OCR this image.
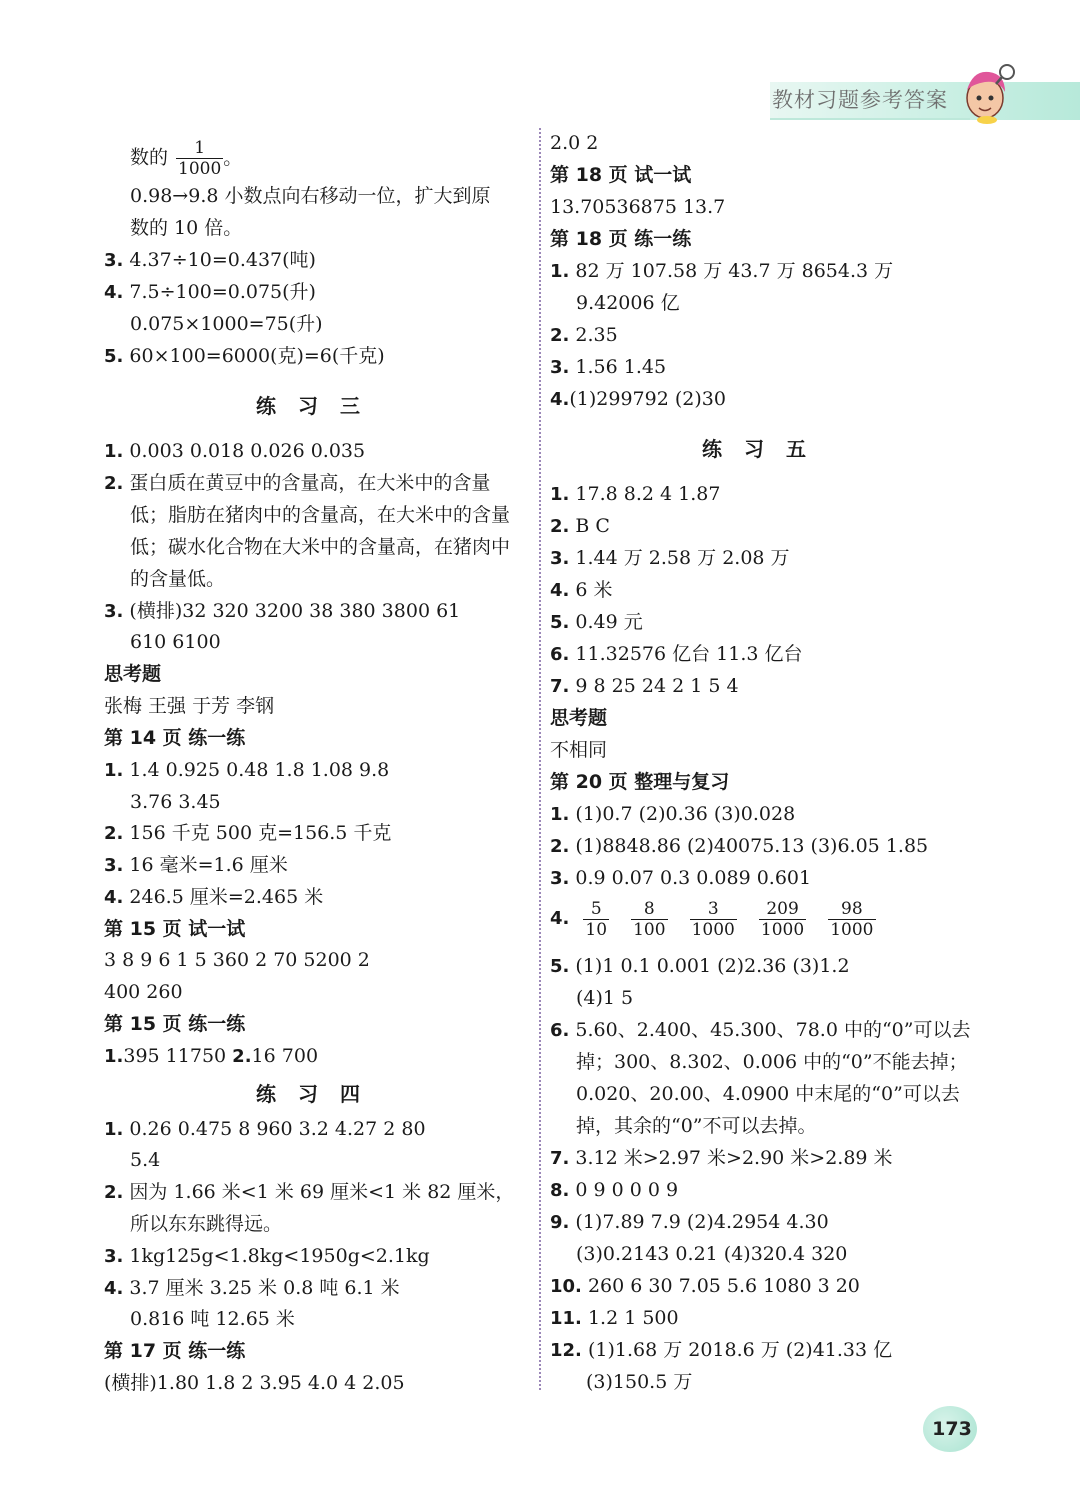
教材习题参考答案
数的 $\frac{1}{1000}$ 。
0.98→9.8 小数点向右移动一位，扩大到原
数的 10 倍。
3. 4.37÷10=0.437(吨)
4. 7.5÷100=0.075(升)
0.075×1000=75(升)
5. 60×100=6000(克)=6(千克)
练习三
1. 0.003 0.018 0.026 0.035
2. 蛋白质在黄豆中的含量高，在大米中的含量
低；脂肪在猪肉中的含量高，在大米中的含量
低；碳水化合物在大米中的含量高，在猪肉中
的含量低。
3. (横排)32 320 3200 38 380 3800 61
610 6100
思考题
张梅 王强 于芳 李钢
第 14 页 练一练
1. 1.4 0.925 0.48 1.8 1.08 9.8
3.76 3.45
2. 156 千克 500 克=156.5 千克
3. 16 毫米=1.6 厘米
4. 246.5 厘米=2.465 米
第 15 页 试一试
3 8 9 6 1 5 360 2 70 5200 2
400 260
第 15 页 练一练
1.395 11750 2.16 700
练习四
1. 0.26 0.475 8 960 3.2 4.27 2 80
5.4
2. 因为 1.66 米<1 米 69 厘米<1 米 82 厘米，
所以东东跳得远。
3. 1kg125g<1.8kg<1950g<2.1kg
4. 3.7 厘米 3.25 米 0.8 吨 6.1 米
0.816 吨 12.65 米
第 17 页 练一练
(横排)1.80 1.8 2 3.95 4.0 4 2.05
2.0 2
第 18 页 试一试
13.70536875 13.7
第 18 页 练一练
1. 82 万 107.58 万 43.7 万 8654.3 万
9.42006 亿
2. 2.35
3. 1.56 1.45
4.(1)299792 (2)30
练习五
1. 17.8 8.2 4 1.87
2. B C
3. 1.44 万 2.58 万 2.08 万
4. 6 米
5. 0.49 元
6. 11.32576 亿台 11.3 亿台
7. 9 8 25 24 2 1 5 4
思考题
不相同
第 20 页 整理与复习
1. (1)0.7 (2)0.36 (3)0.028
2. (1)8848.86 (2)40075.13 (3)6.05 1.85
3. 0.9 0.07 0.3 0.089 0.601
4. $\frac{5}{10}$
$\frac{8}{100}$
$\frac{3}{1000}$
$\frac{209}{1000}$
$\frac{98}{1000}$
5. (1)1 0.1 0.001 (2)2.36 (3)1.2
(4)1 5
6. 5.60、2.400、45.300、78.0 中的“0”可以去
掉；300、8.302、0.006 中的“0”不能去掉；
0.020、20.00、4.0900 中末尾的“0”可以去
掉，其余的“0”不可以去掉。
7. 3.12 米>2.97 米>2.90 米>2.89 米
8. 0 9 0 0 0 9
9. (1)7.89 7.9 (2)4.2954 4.30
(3)0.2143 0.21 (4)320.4 320
10. 260 6 30 7.05 5.6 1080 3 20
11. 1.2 1 500
12. (1)1.68 万 2018.6 万 (2)41.33 亿
(3)150.5 万
173
